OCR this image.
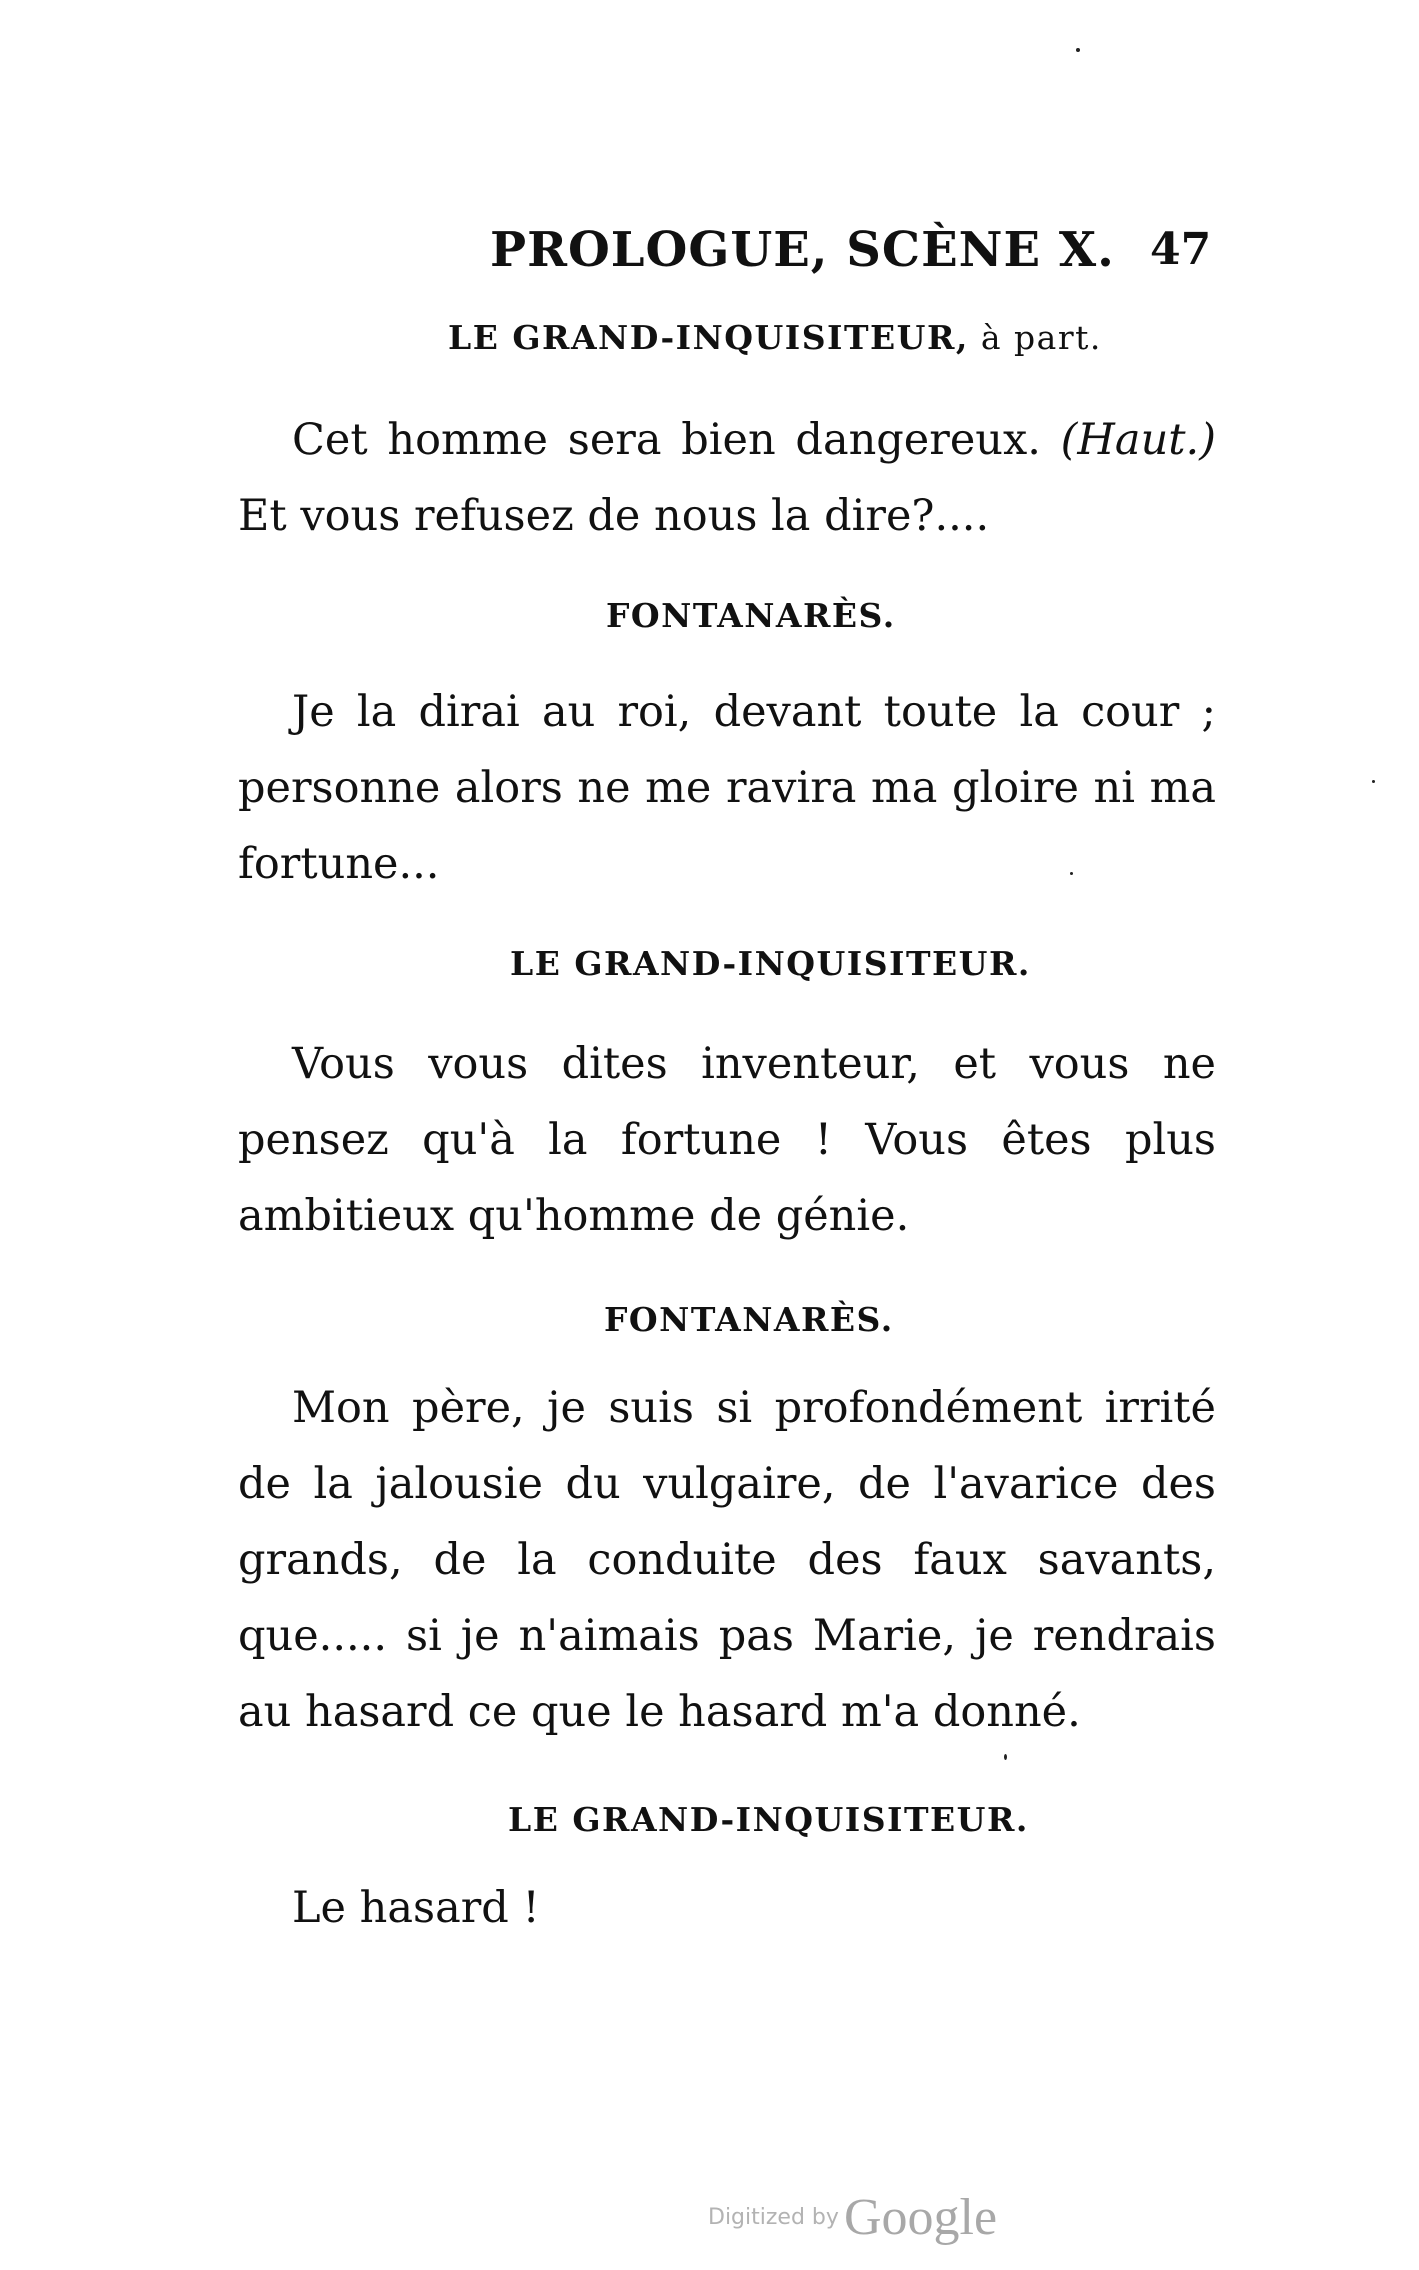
PROLOGUE, SCÈNE X. 47
LE GRAND-INQUISITEUR, à part.
Cet homme sera bien dangereux. (Haut.) Et vous refusez de nous la dire?....
FONTANARÈS.
Je la dirai au roi, devant toute la cour ; personne alors ne me ravira ma gloire ni ma fortune...
LE GRAND-INQUISITEUR.
Vous vous dites inventeur, et vous ne pensez qu'à la fortune ! Vous êtes plus ambitieux qu'homme de génie.
FONTANARÈS.
Mon père, je suis si profondément irrité de la jalousie du vulgaire, de l'avarice des grands, de la conduite des faux savants, que..... si je n'aimais pas Marie, je rendrais au hasard ce que le hasard m'a donné.
LE GRAND-INQUISITEUR.
Le hasard !
Digitized by Google
